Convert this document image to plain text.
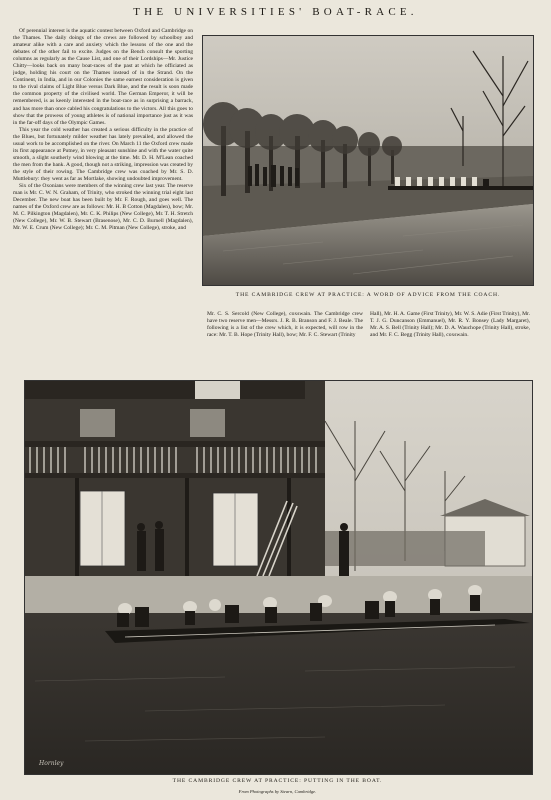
THE UNIVERSITIES' BOAT-RACE.

Of perennial interest is the aquatic contest between Oxford and Cambridge on the Thames. The daily doings of the crews are followed by schoolboy and amateur alike with a care and anxiety which the lessons of the one and the debates of the other fail to excite. Judges on the Bench consult the sporting columns as regularly as the Cause List, and one of their Lordships—Mr. Justice Chitty—looks back on many boat-races of the past at which he officiated as judge, holding his court on the Thames instead of in the Strand. On the Continent, in India, and in our Colonies the same earnest consideration is given to the rival claims of Light Blue versus Dark Blue, and the result is soon made the common property of the civilised world. The German Emperor, it will be remembered, is as keenly interested in the boat-race as in surprising a barrack, and has more than once cabled his congratulations to the victors. All this goes to show that the prowess of young athletes is of national importance just as it was in the far-off days of the Olympic Games.

This year the cold weather has created a serious difficulty in the practice of the Blues, but fortunately milder weather has lately prevailed, and allowed the usual work to be accomplished on the river. On March 11 the Oxford crew made its first appearance at Putney, in very pleasant sunshine and with the water quite smooth, a slight southerly wind blowing at the time. Mr. D. H. M'Lean coached the men from the bank. A good, though not a striking, impression was created by the style of their rowing. The Cambridge crew was coached by Mr. S. D. Muttlebury: they went as far as Mortlake, showing undoubted improvement.

Six of the Oxonians were members of the winning crew last year. The reserve man is Mr. C. W. N. Graham, of Trinity, who stroked the winning trial eight last December. The new boat has been built by Mr. F. Rough, and goes well. The names of the Oxford crew are as follows: Mr. H. B Cotton (Magdalen), bow; Mr. M. C. Pilkington (Magdalen), Mr. C. K. Philips (New College), Mr. T. H. Stretch (New College), Mr. W. B. Stewart (Brasenose), Mr. C. D. Burnell (Magdalen), Mr. W. E. Crum (New College); Mr. C. M. Pitman (New College), stroke, and

THE CAMBRIDGE CREW AT PRACTICE: A WORD OF ADVICE FROM THE COACH.

Mr. C. S. Sercold (New College), coxswain. The Cambridge crew have two reserve men—Messrs. J. R. B. Branson and F. J. Beale. The following is a list of the crew which, it is expected, will row in the race: Mr. T. B. Hope (Trinity Hall), bow; Mr. F. C. Stewart (Trinity

Hall), Mr. H. A. Game (First Trinity), Mr. W. S. Adie (First Trinity), Mr. T. J. G. Duncanson (Emmanuel), Mr. R. Y. Bonsey (Lady Margaret), Mr. A. S. Bell (Trinity Hall); Mr. D. A. Wauchope (Trinity Hall), stroke, and Mr. F. C. Begg (Trinity Hall), coxswain.

Hornley
THE CAMBRIDGE CREW AT PRACTICE: PUTTING IN THE BOAT.
From Photographs by Stearn, Cambridge.
